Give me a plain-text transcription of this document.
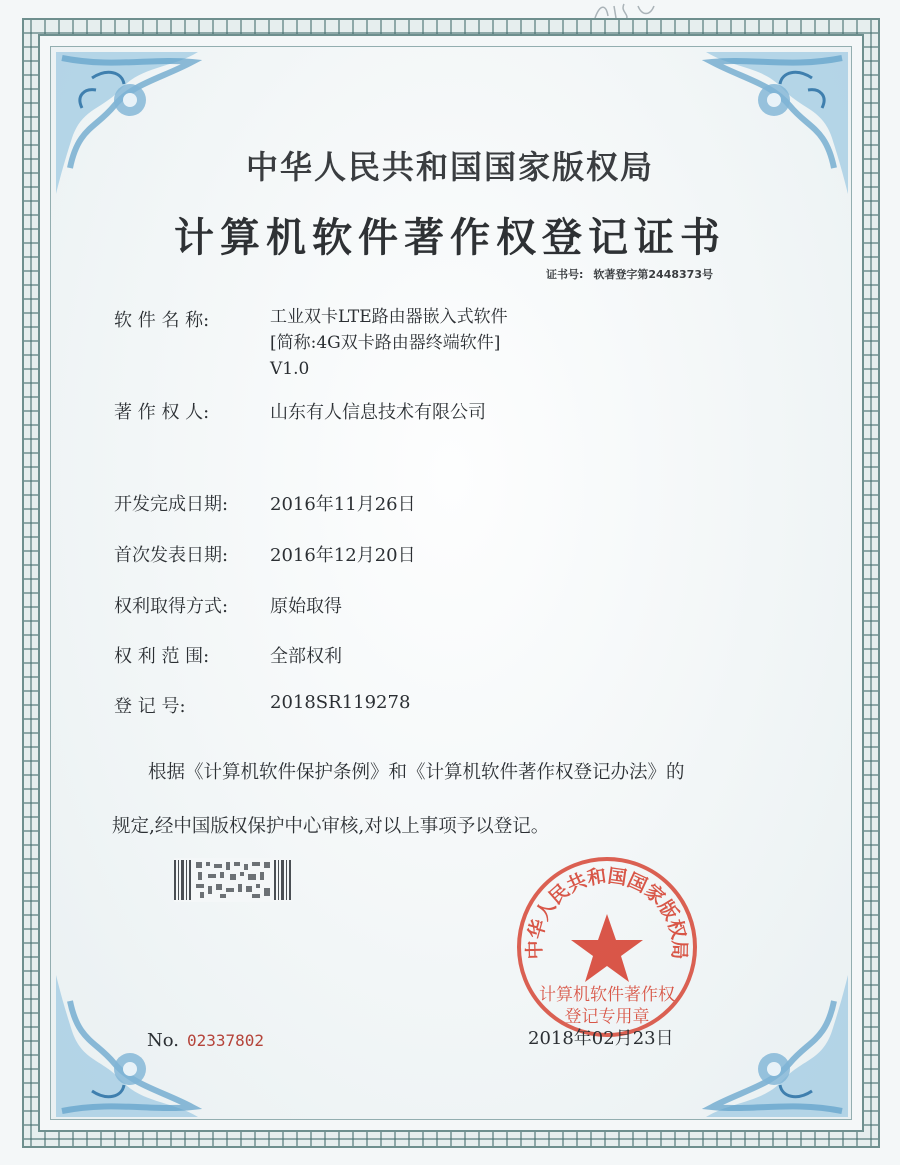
中华人民共和国国家版权局
计算机软件著作权登记证书
证书号: 软著登字第2448373号
软 件 名 称:	工业双卡LTE路由器嵌入式软件
[简称:4G双卡路由器终端软件]
V1.0
著 作 权 人:	山东有人信息技术有限公司
开发完成日期: 2016年11月26日
首次发表日期: 2016年12月20日
权利取得方式: 原始取得
权 利 范 围:	全部权利
登 记 号:	2018SR119278
根据《计算机软件保护条例》和《计算机软件著作权登记办法》的
规定,经中国版权保护中心审核,对以上事项予以登记。
中华人民共和国国家版权局
计算机软件著作权
登记专用章
No. 02337802	2018年02月23日
